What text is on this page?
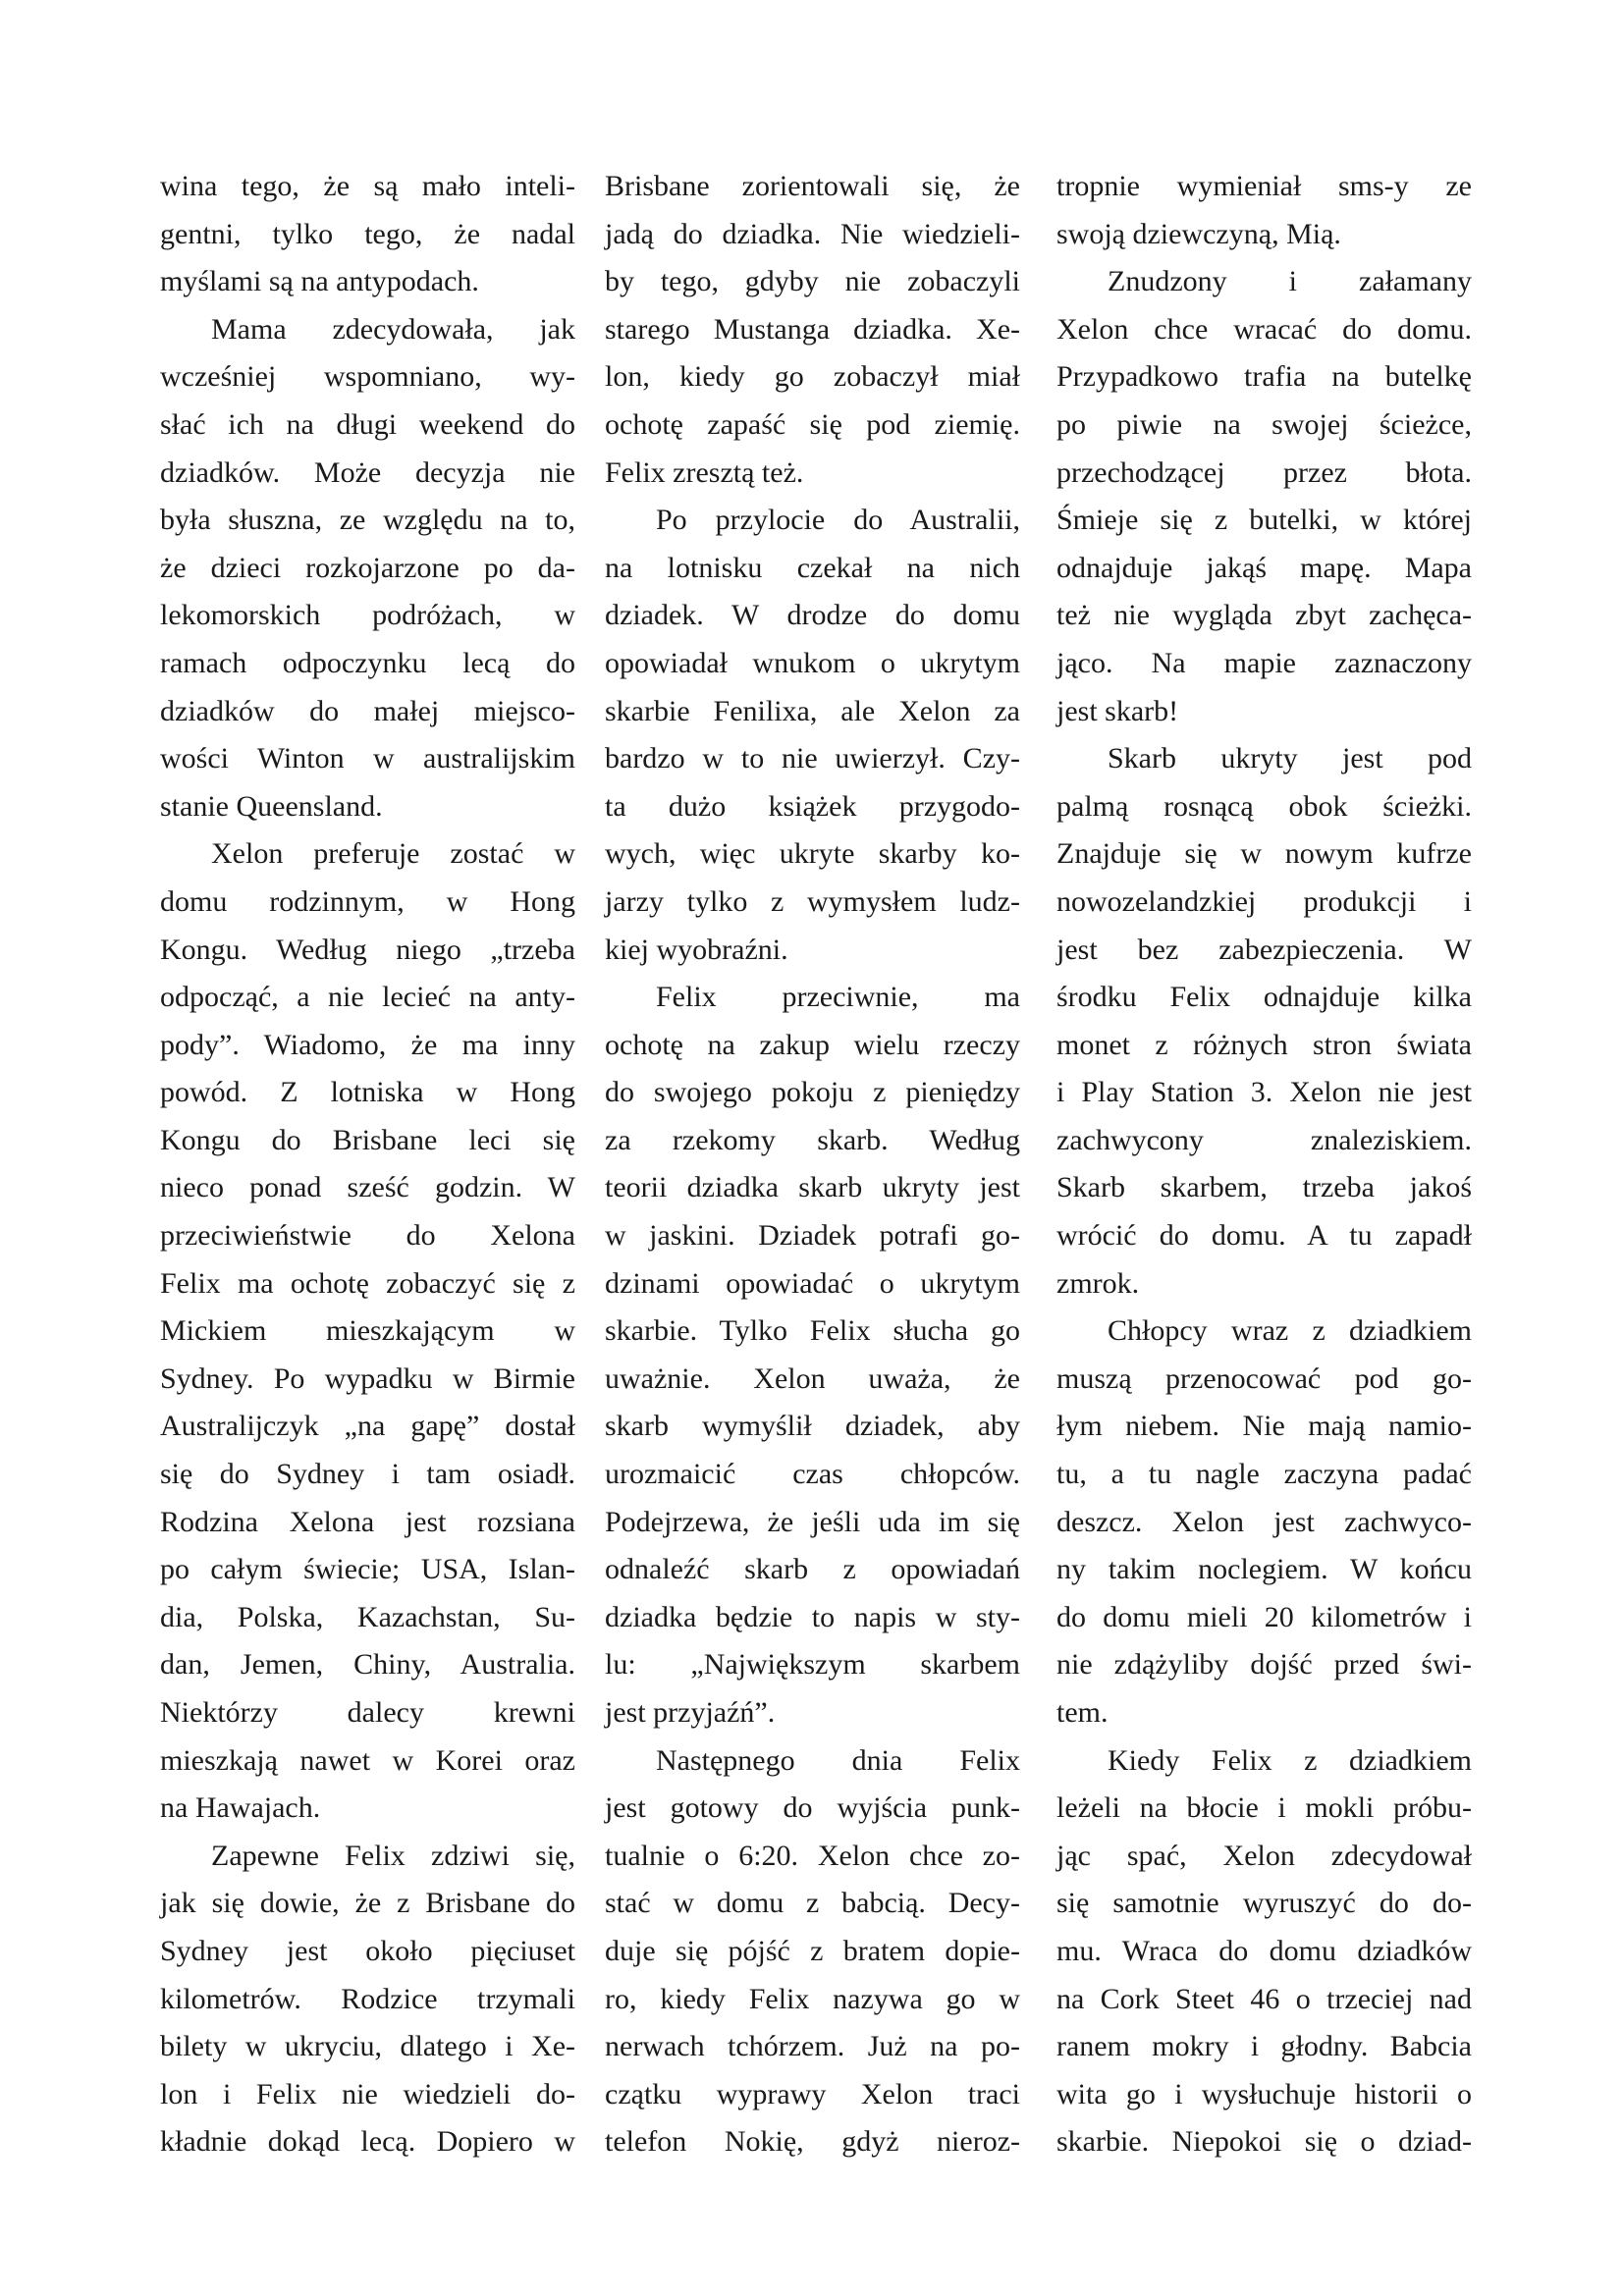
wina tego, że są mało inteli-
gentni, tylko tego, że nadal
myślami są na antypodach.
Mama zdecydowała, jak
wcześniej wspomniano, wy-
słać ich na długi weekend do
dziadków. Może decyzja nie
była słuszna, ze względu na to,
że dzieci rozkojarzone po da-
lekomorskich podróżach, w
ramach odpoczynku lecą do
dziadków do małej miejsco-
wości Winton w australijskim
stanie Queensland.
Xelon preferuje zostać w
domu rodzinnym, w Hong
Kongu. Według niego „trzeba
odpocząć, a nie lecieć na anty-
pody”. Wiadomo, że ma inny
powód. Z lotniska w Hong
Kongu do Brisbane leci się
nieco ponad sześć godzin. W
przeciwieństwie do Xelona
Felix ma ochotę zobaczyć się z
Mickiem mieszkającym w
Sydney. Po wypadku w Birmie
Australijczyk „na gapę” dostał
się do Sydney i tam osiadł.
Rodzina Xelona jest rozsiana
po całym świecie; USA, Islan-
dia, Polska, Kazachstan, Su-
dan, Jemen, Chiny, Australia.
Niektórzy dalecy krewni
mieszkają nawet w Korei oraz
na Hawajach.
Zapewne Felix zdziwi się,
jak się dowie, że z Brisbane do
Sydney jest około pięciuset
kilometrów. Rodzice trzymali
bilety w ukryciu, dlatego i Xe-
lon i Felix nie wiedzieli do-
kładnie dokąd lecą. Dopiero w
Brisbane zorientowali się, że
jadą do dziadka. Nie wiedzieli-
by tego, gdyby nie zobaczyli
starego Mustanga dziadka. Xe-
lon, kiedy go zobaczył miał
ochotę zapaść się pod ziemię.
Felix zresztą też.
Po przylocie do Australii,
na lotnisku czekał na nich
dziadek. W drodze do domu
opowiadał wnukom o ukrytym
skarbie Fenilixa, ale Xelon za
bardzo w to nie uwierzył. Czy-
ta dużo książek przygodo-
wych, więc ukryte skarby ko-
jarzy tylko z wymysłem ludz-
kiej wyobraźni.
Felix przeciwnie, ma
ochotę na zakup wielu rzeczy
do swojego pokoju z pieniędzy
za rzekomy skarb. Według
teorii dziadka skarb ukryty jest
w jaskini. Dziadek potrafi go-
dzinami opowiadać o ukrytym
skarbie. Tylko Felix słucha go
uważnie. Xelon uważa, że
skarb wymyślił dziadek, aby
urozmaicić czas chłopców.
Podejrzewa, że jeśli uda im się
odnaleźć skarb z opowiadań
dziadka będzie to napis w sty-
lu: „Największym skarbem
jest przyjaźń”.
Następnego dnia Felix
jest gotowy do wyjścia punk-
tualnie o 6:20. Xelon chce zo-
stać w domu z babcią. Decy-
duje się pójść z bratem dopie-
ro, kiedy Felix nazywa go w
nerwach tchórzem. Już na po-
czątku wyprawy Xelon traci
telefon Nokię, gdyż nieroz-
tropnie wymieniał sms-y ze
swoją dziewczyną, Mią.
Znudzony i załamany
Xelon chce wracać do domu.
Przypadkowo trafia na butelkę
po piwie na swojej ścieżce,
przechodzącej przez błota.
Śmieje się z butelki, w której
odnajduje jakąś mapę. Mapa
też nie wygląda zbyt zachęca-
jąco. Na mapie zaznaczony
jest skarb!
Skarb ukryty jest pod
palmą rosnącą obok ścieżki.
Znajduje się w nowym kufrze
nowozelandzkiej produkcji i
jest bez zabezpieczenia. W
środku Felix odnajduje kilka
monet z różnych stron świata
i Play Station 3. Xelon nie jest
zachwycony znaleziskiem.
Skarb skarbem, trzeba jakoś
wrócić do domu. A tu zapadł
zmrok.
Chłopcy wraz z dziadkiem
muszą przenocować pod go-
łym niebem. Nie mają namio-
tu, a tu nagle zaczyna padać
deszcz. Xelon jest zachwyco-
ny takim noclegiem. W końcu
do domu mieli 20 kilometrów i
nie zdążyliby dojść przed świ-
tem.
Kiedy Felix z dziadkiem
leżeli na błocie i mokli próbu-
jąc spać, Xelon zdecydował
się samotnie wyruszyć do do-
mu. Wraca do domu dziadków
na Cork Steet 46 o trzeciej nad
ranem mokry i głodny. Babcia
wita go i wysłuchuje historii o
skarbie. Niepokoi się o dziad-
